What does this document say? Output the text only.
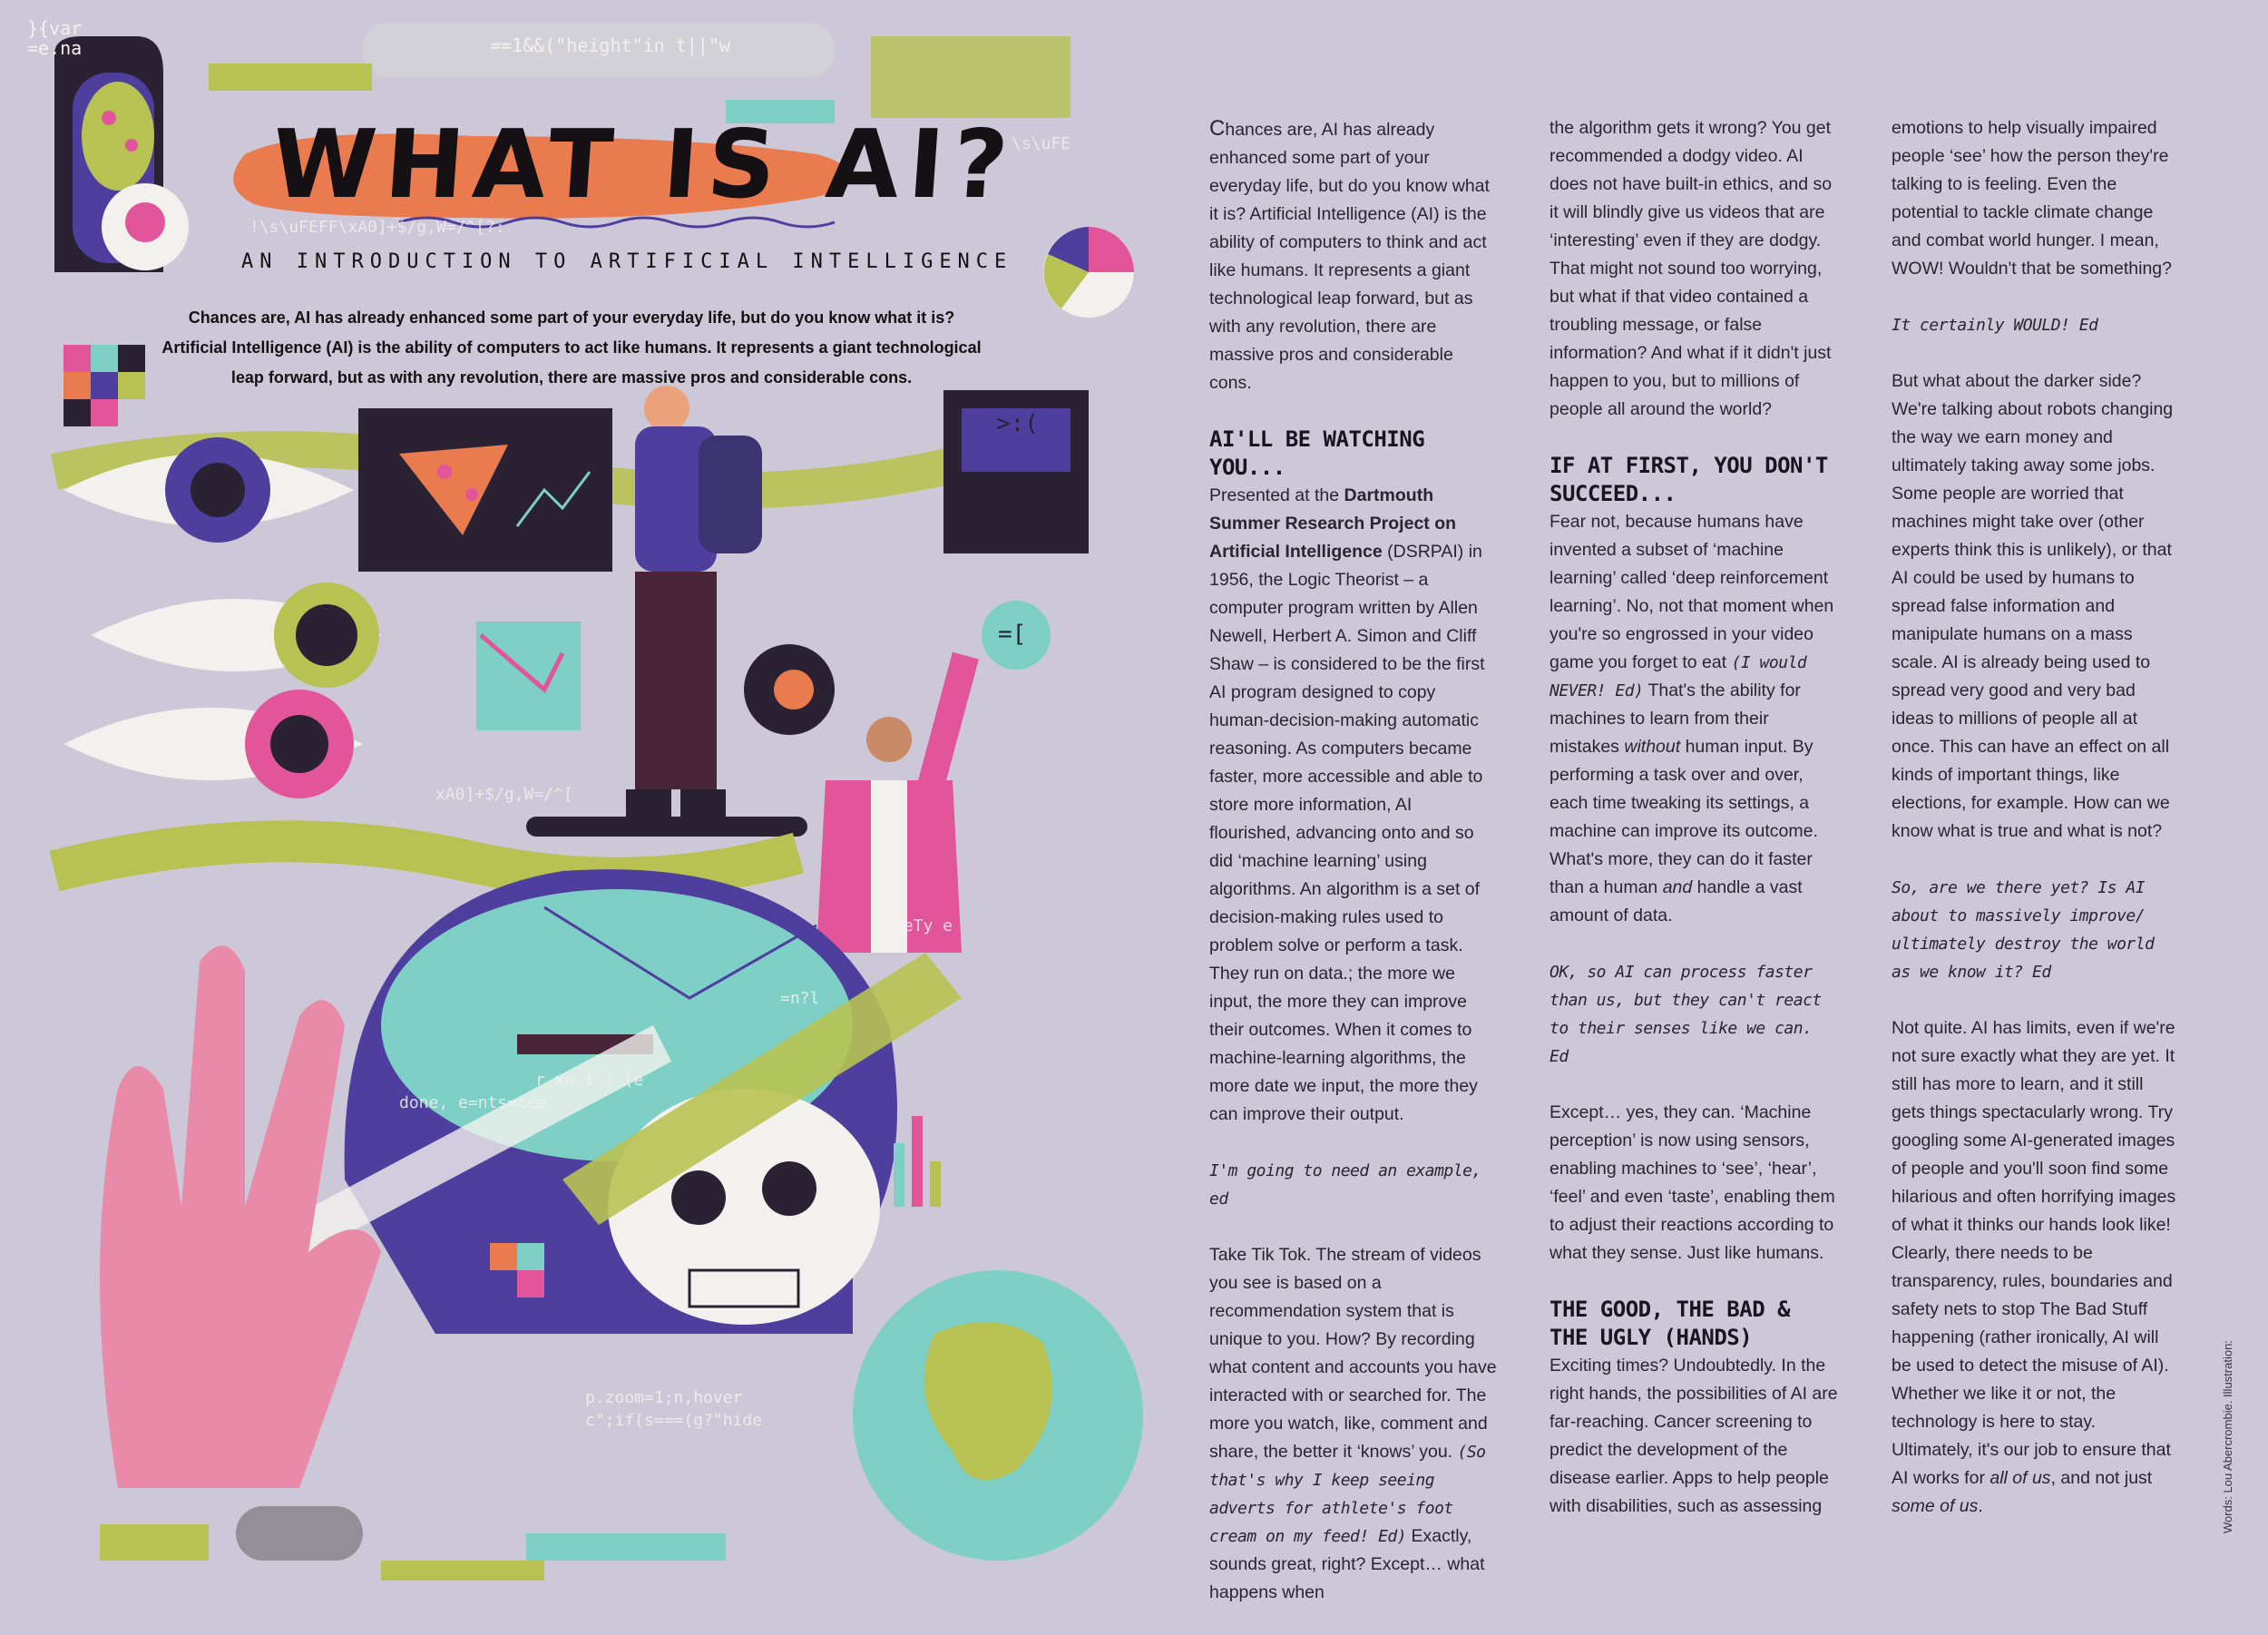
}{var =e.na	==1&&("height"in t||"w
!\s\uFEFF\xA0]+$/g,W=/^[?:
\s\uFE
xA0]+$/g,W=/^[
r xn 1 ) (e
done, e=nts=cee
=n?l
meTy e
p.zoom=1;n,hover
c";if(s===(g?"hide
>:(
=[
WHAT IS AI?
AN INTRODUCTION TO ARTIFICIAL INTELLIGENCE
Chances are, AI has already enhanced some part of your everyday life, but do you know what it is? Artificial Intelligence (AI) is the ability of computers to act like humans. It represents a giant technological leap forward, but as with any revolution, there are massive pros and considerable cons.

Chances are, AI has already enhanced some part of your everyday life, but do you know what it is? Artificial Intelligence (AI) is the ability of computers to think and act like humans. It represents a giant technological leap forward, but as with any revolution, there are massive pros and considerable cons.

AI'LL BE WATCHING YOU...

Presented at the Dartmouth Summer Research Project on Artificial Intelligence (DSRPAI) in 1956, the Logic Theorist – a computer program written by Allen Newell, Herbert A. Simon and Cliff Shaw – is considered to be the first AI program designed to copy human-decision-making automatic reasoning. As computers became faster, more accessible and able to store more information, AI flourished, advancing onto and so did ‘machine learning’ using algorithms. An algorithm is a set of decision-making rules used to problem solve or perform a task. They run on data.; the more we input, the more they can improve their outcomes. When it comes to machine-learning algorithms, the more date we input, the more they can improve their output.

I'm going to need an example, ed

Take Tik Tok. The stream of videos you see is based on a recommendation system that is unique to you. How? By recording what content and accounts you have interacted with or searched for. The more you watch, like, comment and share, the better it ‘knows’ you. (So that's why I keep seeing adverts for athlete's foot cream on my feed! Ed) Exactly, sounds great, right? Except… what happens when

the algorithm gets it wrong? You get recommended a dodgy video. AI does not have built-in ethics, and so it will blindly give us videos that are ‘interesting’ even if they are dodgy. That might not sound too worrying, but what if that video contained a troubling message, or false information? And what if it didn't just happen to you, but to millions of people all around the world?

IF AT FIRST, YOU DON'T SUCCEED...

Fear not, because humans have invented a subset of ‘machine learning’ called ‘deep reinforcement learning’. No, not that moment when you're so engrossed in your video game you forget to eat (I would NEVER! Ed) That's the ability for machines to learn from their mistakes without human input. By performing a task over and over, each time tweaking its settings, a machine can improve its outcome. What's more, they can do it faster than a human and handle a vast amount of data.

OK, so AI can process faster than us, but they can't react to their senses like we can. Ed

Except… yes, they can. ‘Machine perception’ is now using sensors, enabling machines to ‘see’, ‘hear’, ‘feel’ and even ‘taste’, enabling them to adjust their reactions according to what they sense. Just like humans.

THE GOOD, THE BAD & THE UGLY (HANDS)

Exciting times? Undoubtedly. In the right hands, the possibilities of AI are far-reaching. Cancer screening to predict the development of the disease earlier. Apps to help people with disabilities, such as assessing

emotions to help visually impaired people ‘see’ how the person they're talking to is feeling. Even the potential to tackle climate change and combat world hunger. I mean, WOW! Wouldn't that be something?

It certainly WOULD! Ed

But what about the darker side? We're talking about robots changing the way we earn money and ultimately taking away some jobs. Some people are worried that machines might take over (other experts think this is unlikely), or that AI could be used by humans to spread false information and manipulate humans on a mass scale. AI is already being used to spread very good and very bad ideas to millions of people all at once. This can have an effect on all kinds of important things, like elections, for example. How can we know what is true and what is not?

So, are we there yet? Is AI about to massively improve/ ultimately destroy the world as we know it? Ed

Not quite. AI has limits, even if we're not sure exactly what they are yet. It still has more to learn, and it still gets things spectacularly wrong. Try googling some AI-generated images of people and you'll soon find some hilarious and often horrifying images of what it thinks our hands look like! Clearly, there needs to be transparency, rules, boundaries and safety nets to stop The Bad Stuff happening (rather ironically, AI will be used to detect the misuse of AI). Whether we like it or not, the technology is here to stay. Ultimately, it's our job to ensure that AI works for all of us, and not just some of us.	Words: Lou Abercrombie. Illustration:
